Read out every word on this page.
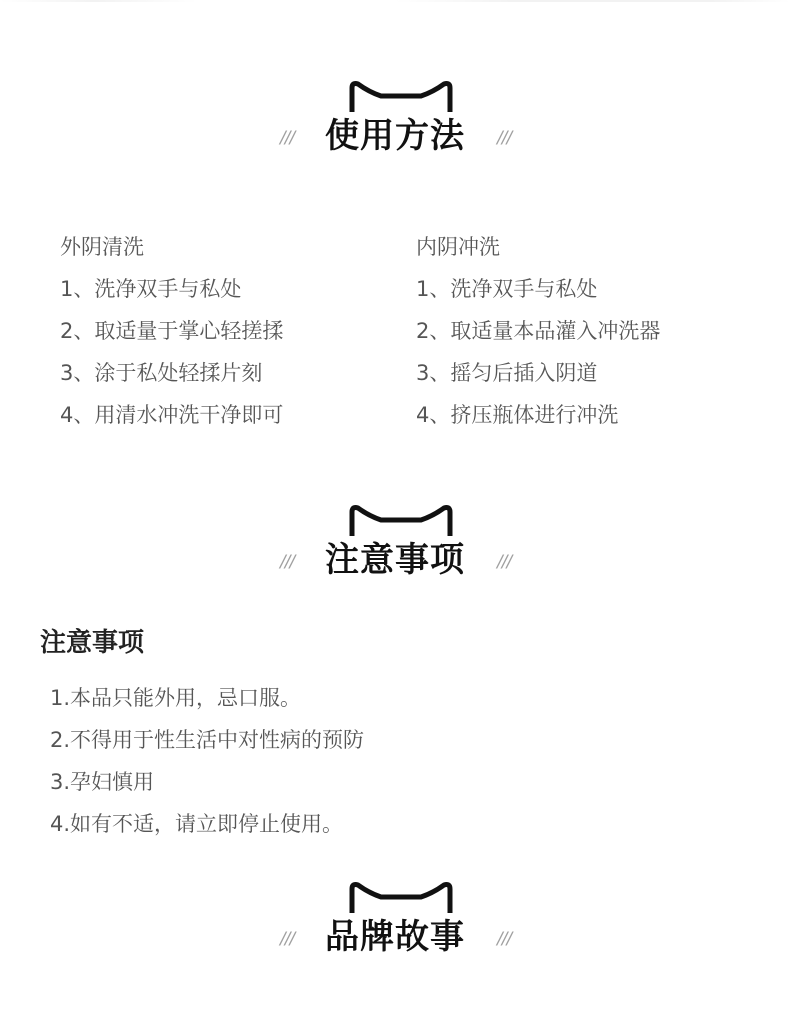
/// 使用方法	///
外阴清洗
1、洗净双手与私处
2、取适量于掌心轻搓揉
3、涂于私处轻揉片刻
4、用清水冲洗干净即可
内阴冲洗
1、洗净双手与私处
2、取适量本品灌入冲洗器
3、摇匀后插入阴道
4、挤压瓶体进行冲洗
/// 注意事项	///
注意事项
1.本品只能外用，忌口服。
2.不得用于性生活中对性病的预防
3.孕妇慎用
4.如有不适，请立即停止使用。
/// 品牌故事	///
